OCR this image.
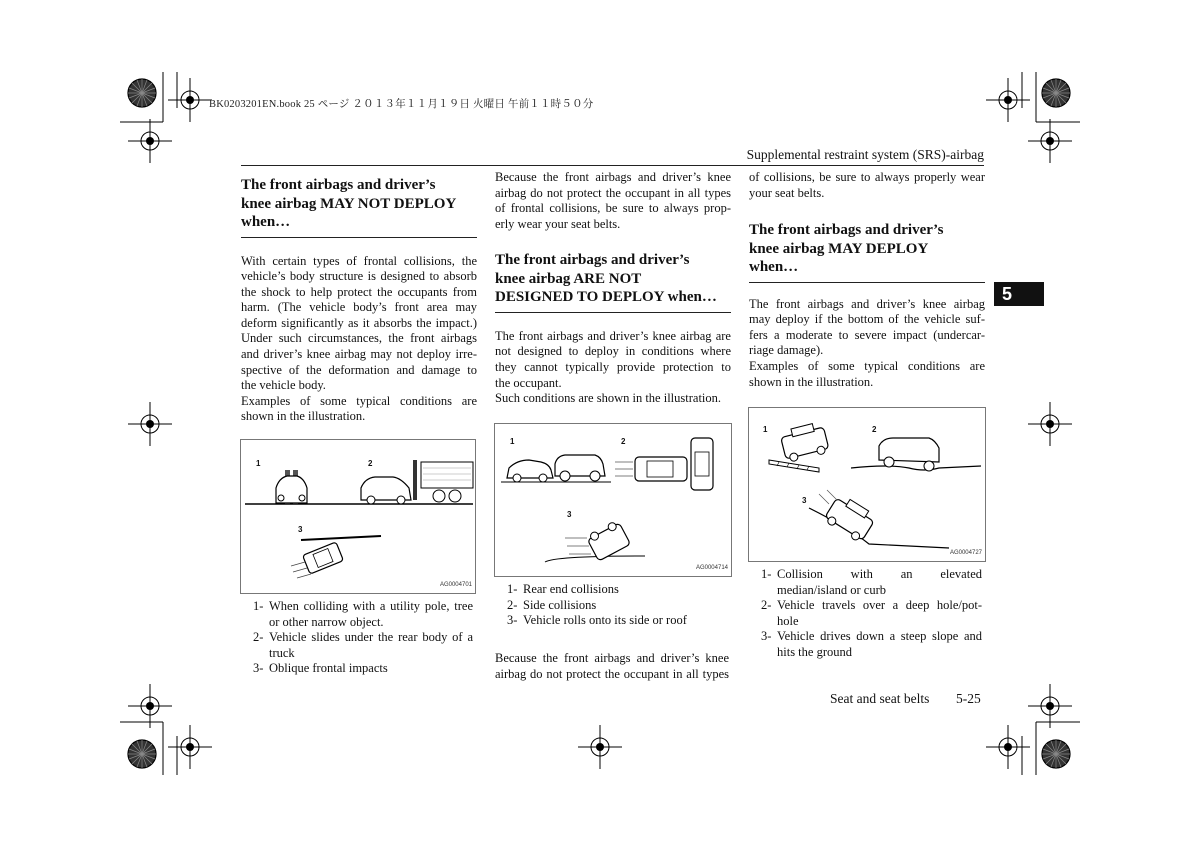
BK0203201EN.book 25 ページ ２０１３年１１月１９日 火曜日 午前１１時５０分
Supplemental restraint system (SRS)-airbag
5
The front airbags and driver’s
knee airbag MAY NOT DEPLOY
when…
With certain types of frontal collisions, the
vehicle’s body structure is designed to absorb
the shock to help protect the occupants from
harm. (The vehicle body’s front area may
deform significantly as it absorbs the impact.)
Under such circumstances, the front airbags
and driver’s knee airbag may not deploy irre-
spective of the deformation and damage to
the vehicle body.
Examples of some typical conditions are
shown in the illustration.
1	2
3
AG0004701
1- When colliding with a utility pole, tree
or other narrow object.
2- Vehicle slides under the rear body of a
truck
3- Oblique frontal impacts
Because the front airbags and driver’s knee
airbag do not protect the occupant in all types
of frontal collisions, be sure to always prop-
erly wear your seat belts.
The front airbags and driver’s
knee airbag ARE NOT
DESIGNED TO DEPLOY when…
The front airbags and driver’s knee airbag are
not designed to deploy in conditions where
they cannot typically provide protection to
the occupant.
Such conditions are shown in the illustration.
1	2
3
AG0004714
1- Rear end collisions
2- Side collisions
3- Vehicle rolls onto its side or roof
Because the front airbags and driver’s knee
airbag do not protect the occupant in all types
of collisions, be sure to always properly wear
your seat belts.
The front airbags and driver’s
knee airbag MAY DEPLOY
when…
The front airbags and driver’s knee airbag
may deploy if the bottom of the vehicle suf-
fers a moderate to severe impact (undercar-
riage damage).
Examples of some typical conditions are
shown in the illustration.
1	2
3
AG0004727
1- Collision with an elevated
median/island or curb
2- Vehicle travels over a deep hole/pot-
hole
3- Vehicle drives down a steep slope and
hits the ground
Seat and seat belts 5-25
